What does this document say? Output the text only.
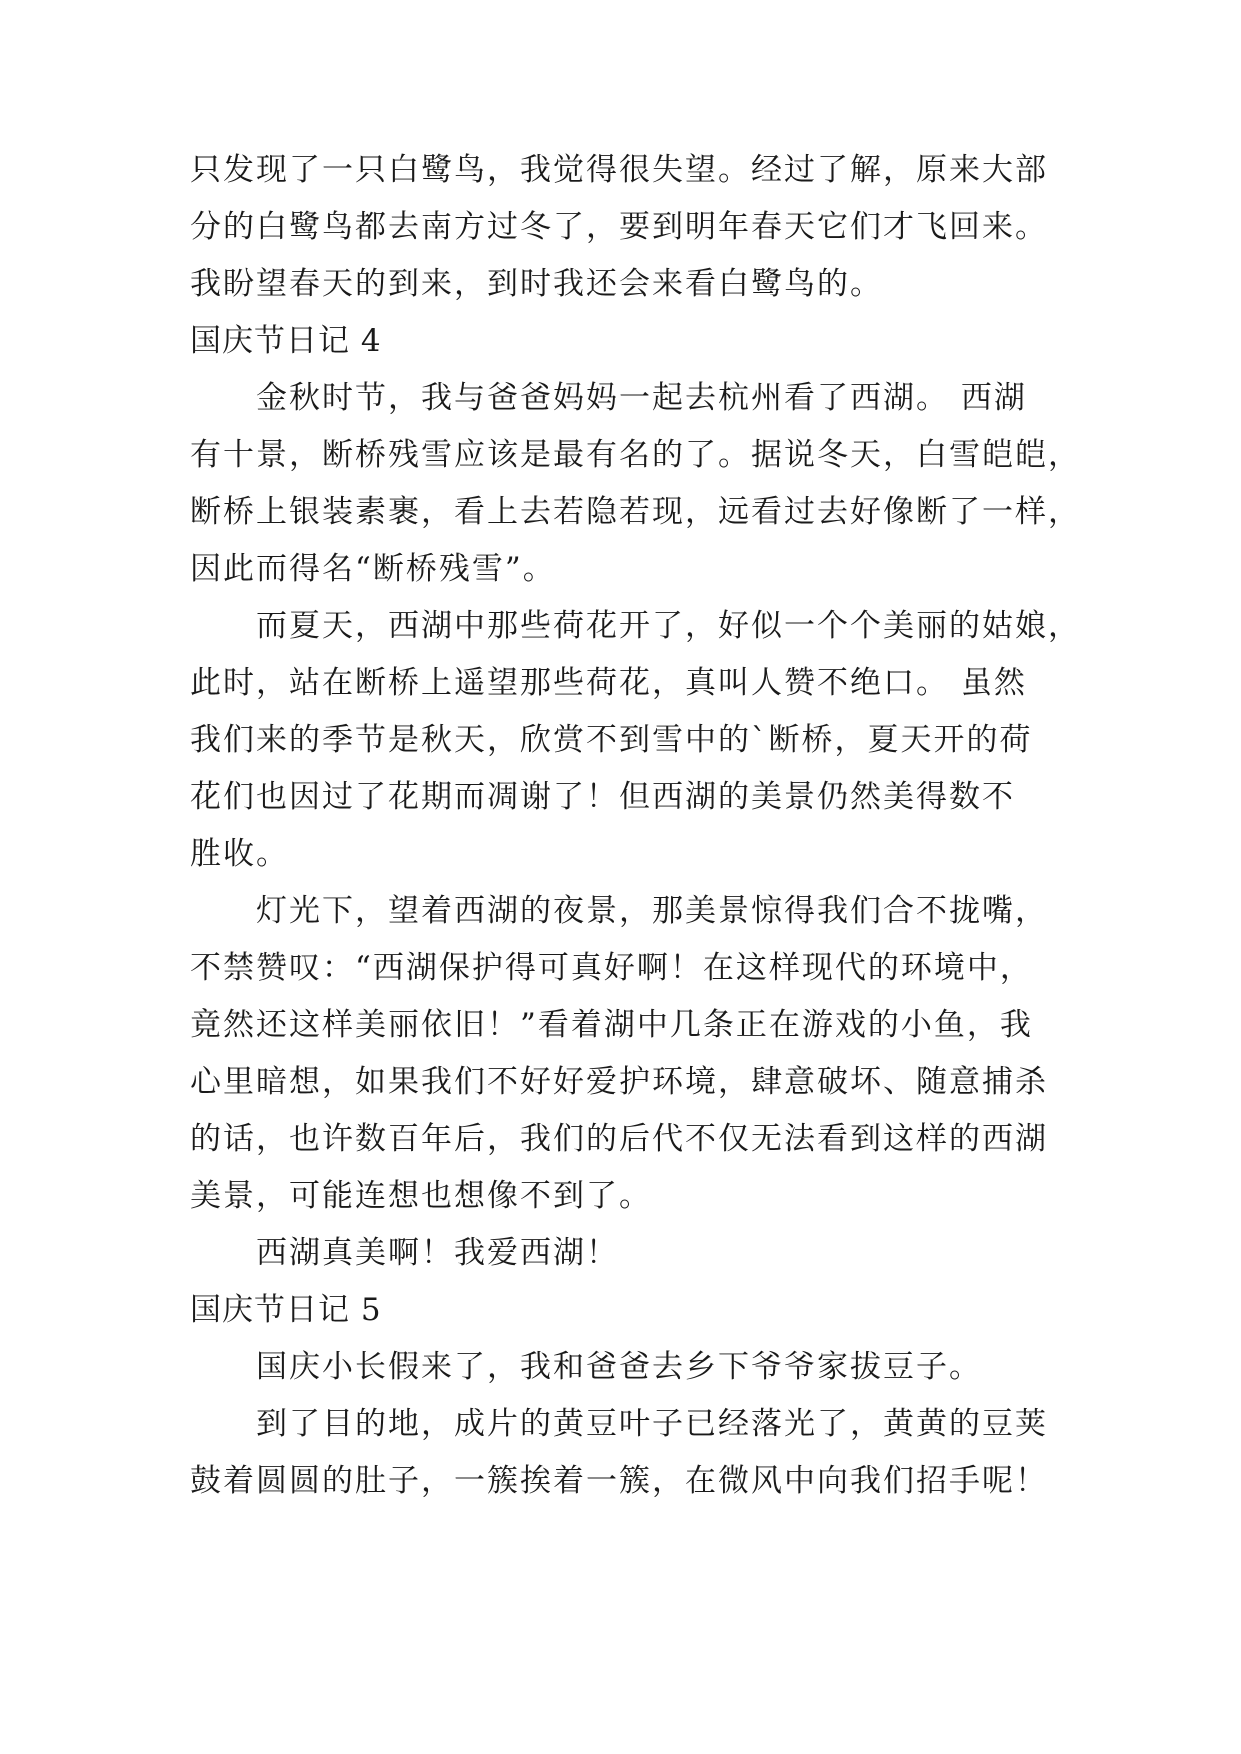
只发现了一只白鹭鸟，我觉得很失望。经过了解，原来大部
分的白鹭鸟都去南方过冬了，要到明年春天它们才飞回来。
我盼望春天的到来，到时我还会来看白鹭鸟的。
国庆节日记 4
金秋时节，我与爸爸妈妈一起去杭州看了西湖。 西湖
有十景，断桥残雪应该是最有名的了。据说冬天，白雪皑皑，
断桥上银装素裹，看上去若隐若现，远看过去好像断了一样，
因此而得名“断桥残雪”。
而夏天，西湖中那些荷花开了，好似一个个美丽的姑娘，
此时，站在断桥上遥望那些荷花，真叫人赞不绝口。 虽然
我们来的季节是秋天，欣赏不到雪中的`断桥，夏天开的荷
花们也因过了花期而凋谢了！但西湖的美景仍然美得数不
胜收。
灯光下，望着西湖的夜景，那美景惊得我们合不拢嘴，
不禁赞叹：“西湖保护得可真好啊！在这样现代的环境中，
竟然还这样美丽依旧！”看着湖中几条正在游戏的小鱼，我
心里暗想，如果我们不好好爱护环境，肆意破坏、随意捕杀
的话，也许数百年后，我们的后代不仅无法看到这样的西湖
美景，可能连想也想像不到了。
西湖真美啊！我爱西湖！
国庆节日记 5
国庆小长假来了，我和爸爸去乡下爷爷家拔豆子。
到了目的地，成片的黄豆叶子已经落光了，黄黄的豆荚
鼓着圆圆的肚子，一簇挨着一簇，在微风中向我们招手呢！
